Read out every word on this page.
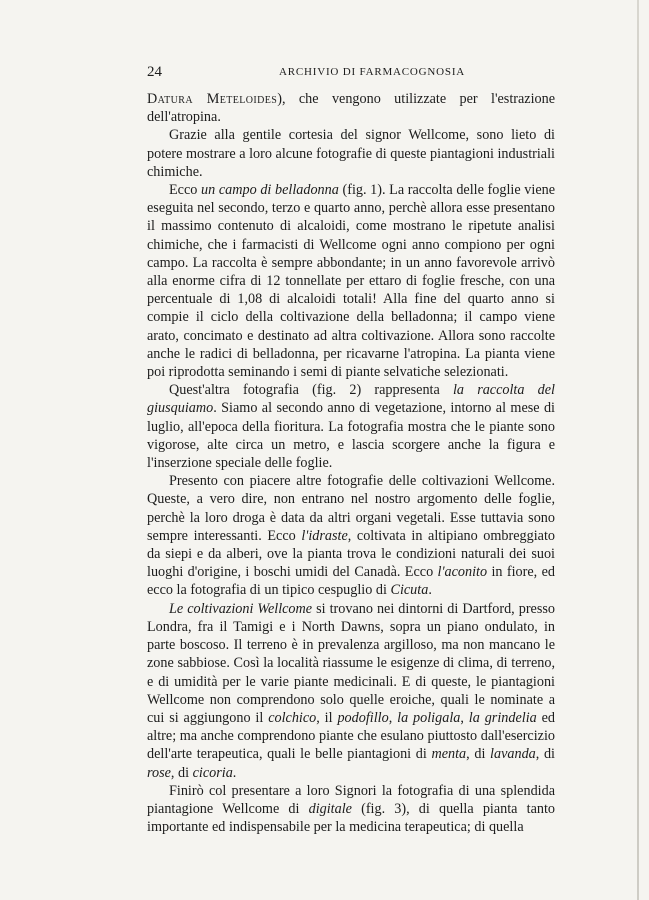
24	ARCHIVIO DI FARMACOGNOSIA

Datura Meteloides), che vengono utilizzate per l'estrazione dell'atropina.

Grazie alla gentile cortesia del signor Wellcome, sono lieto di potere mostrare a loro alcune fotografie di queste piantagioni industriali chimiche.

Ecco un campo di belladonna (fig. 1). La raccolta delle foglie viene eseguita nel secondo, terzo e quarto anno, perchè allora esse presentano il massimo contenuto di alcaloidi, come mostrano le ripetute analisi chimiche, che i farmacisti di Wellcome ogni anno compiono per ogni campo. La raccolta è sempre abbondante; in un anno favorevole arrivò alla enorme cifra di 12 tonnellate per ettaro di foglie fresche, con una percentuale di 1,08 di alcaloidi totali! Alla fine del quarto anno si compie il ciclo della coltivazione della belladonna; il campo viene arato, concimato e destinato ad altra coltivazione. Allora sono raccolte anche le radici di belladonna, per ricavarne l'atropina. La pianta viene poi riprodotta seminando i semi di piante selvatiche selezionati.

Quest'altra fotografia (fig. 2) rappresenta la raccolta del giusquiamo. Siamo al secondo anno di vegetazione, intorno al mese di luglio, all'epoca della fioritura. La fotografia mostra che le piante sono vigorose, alte circa un metro, e lascia scorgere anche la figura e l'inserzione speciale delle foglie.

Presento con piacere altre fotografie delle coltivazioni Wellcome. Queste, a vero dire, non entrano nel nostro argomento delle foglie, perchè la loro droga è data da altri organi vegetali. Esse tuttavia sono sempre interessanti. Ecco l'idraste, coltivata in altipiano ombreggiato da siepi e da alberi, ove la pianta trova le condizioni naturali dei suoi luoghi d'origine, i boschi umidi del Canadà. Ecco l'aconito in fiore, ed ecco la fotografia di un tipico cespuglio di Cicuta.

Le coltivazioni Wellcome si trovano nei dintorni di Dartford, presso Londra, fra il Tamigi e i North Dawns, sopra un piano ondulato, in parte boscoso. Il terreno è in prevalenza argilloso, ma non mancano le zone sabbiose. Così la località riassume le esigenze di clima, di terreno, e di umidità per le varie piante medicinali. E di queste, le piantagioni Wellcome non comprendono solo quelle eroiche, quali le nominate a cui si aggiungono il colchico, il podofillo, la poligala, la grindelia ed altre; ma anche comprendono piante che esulano piuttosto dall'esercizio dell'arte terapeutica, quali le belle piantagioni di menta, di lavanda, di rose, di cicoria.

Finirò col presentare a loro Signori la fotografia di una splendida piantagione Wellcome di digitale (fig. 3), di quella pianta tanto importante ed indispensabile per la medicina terapeutica; di quella
